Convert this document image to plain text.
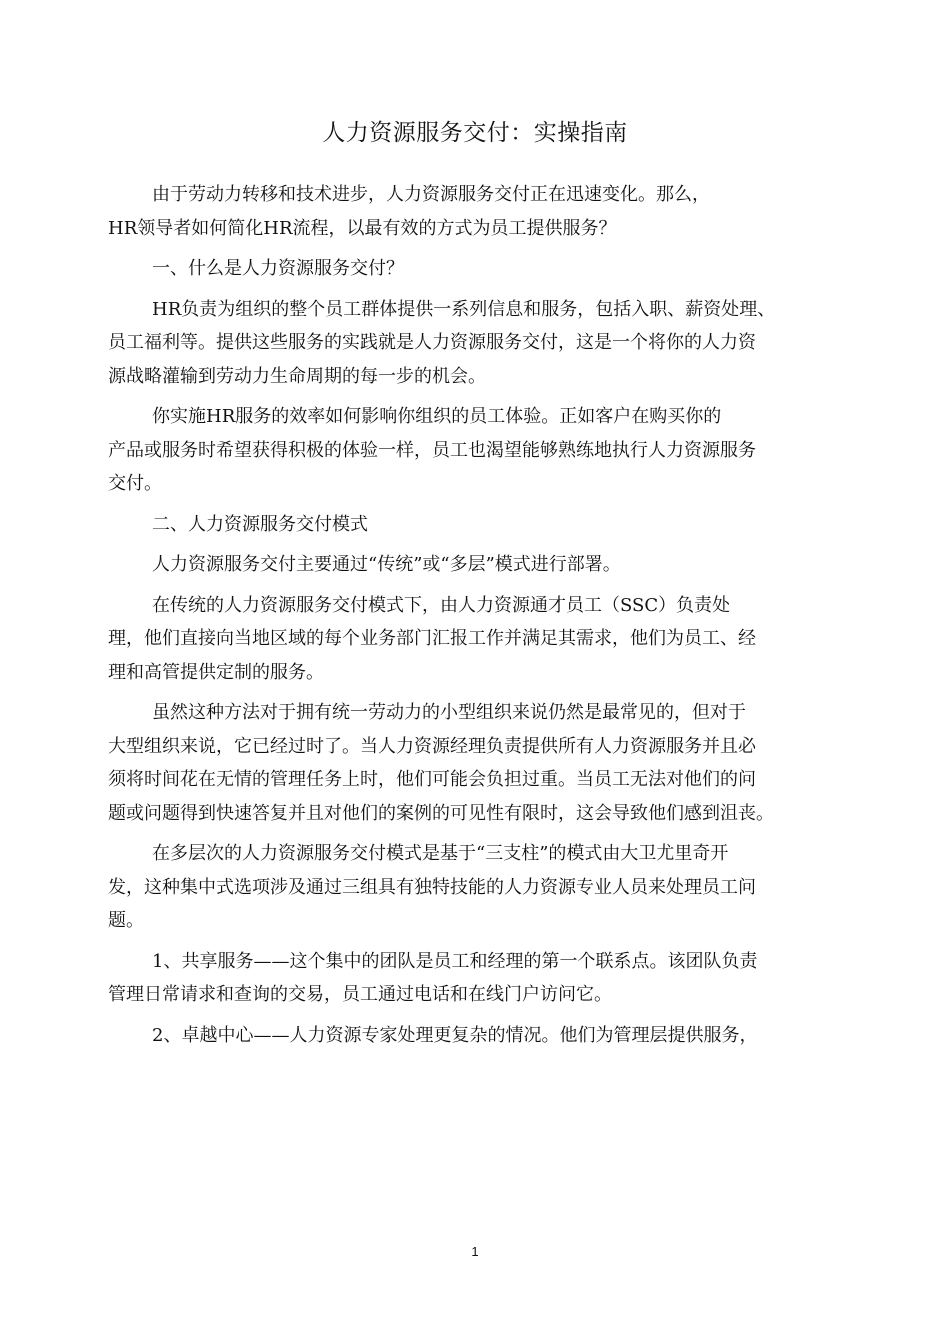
人力资源服务交付：实操指南

由于劳动力转移和技术进步，人力资源服务交付正在迅速变化。那么，
HR领导者如何简化HR流程，以最有效的方式为员工提供服务？

一、什么是人力资源服务交付？

HR负责为组织的整个员工群体提供一系列信息和服务，包括入职、薪资处理、
员工福利等。提供这些服务的实践就是人力资源服务交付，这是一个将你的人力资
源战略灌输到劳动力生命周期的每一步的机会。

你实施HR服务的效率如何影响你组织的员工体验。正如客户在购买你的
产品或服务时希望获得积极的体验一样，员工也渴望能够熟练地执行人力资源服务
交付。

二、人力资源服务交付模式

人力资源服务交付主要通过“传统”或“多层”模式进行部署。

在传统的人力资源服务交付模式下，由人力资源通才员工（SSC）负责处
理，他们直接向当地区域的每个业务部门汇报工作并满足其需求，他们为员工、经
理和高管提供定制的服务。

虽然这种方法对于拥有统一劳动力的小型组织来说仍然是最常见的，但对于
大型组织来说，它已经过时了。当人力资源经理负责提供所有人力资源服务并且必
须将时间花在无情的管理任务上时，他们可能会负担过重。当员工无法对他们的问
题或问题得到快速答复并且对他们的案例的可见性有限时，这会导致他们感到沮丧。

在多层次的人力资源服务交付模式是基于“三支柱”的模式由大卫尤里奇开
发，这种集中式选项涉及通过三组具有独特技能的人力资源专业人员来处理员工问
题。

1、共享服务——这个集中的团队是员工和经理的第一个联系点。该团队负责
管理日常请求和查询的交易，员工通过电话和在线门户访问它。

2、卓越中心——人力资源专家处理更复杂的情况。他们为管理层提供服务，

1
